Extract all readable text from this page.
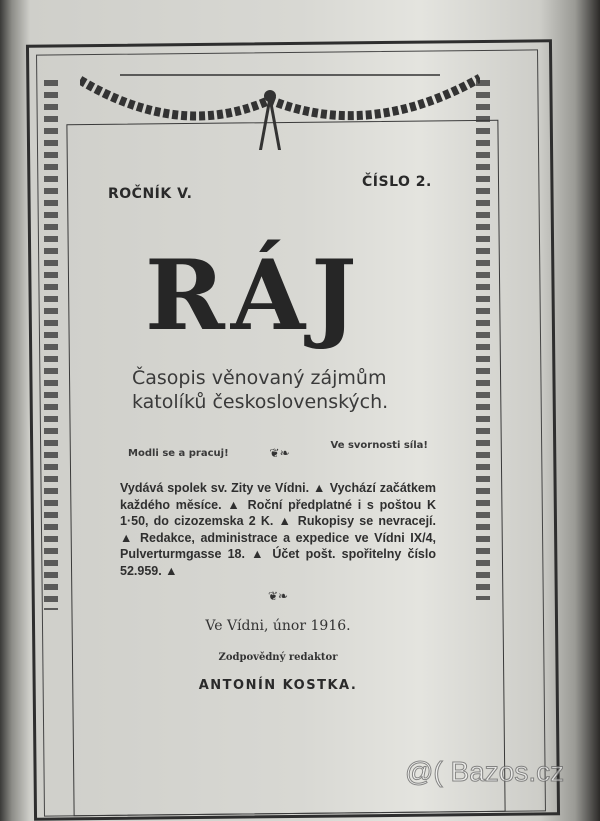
ROČNÍK V.
ČÍSLO 2.
RÁJ
Časopis věnovaný zájmům
katolíků československých.
Modli se a pracuj!	❦❧
Ve svornosti síla!
Vydává spolek sv. Zity ve Vídni. ▲ Vychází začátkem každého měsíce. ▲ Roční předplatné i s poštou K 1·50, do cizozemska 2 K. ▲ Rukopisy se nevracejí. ▲ Redakce, administrace a expedice ve Vídni IX/4, Pulverturmgasse 18. ▲ Účet pošt. spořitelny číslo 52.959. ▲
❦❧
Ve Vídni, únor 1916.
Zodpovědný redaktor
ANTONÍN KOSTKA.
@( Bazos.cz
